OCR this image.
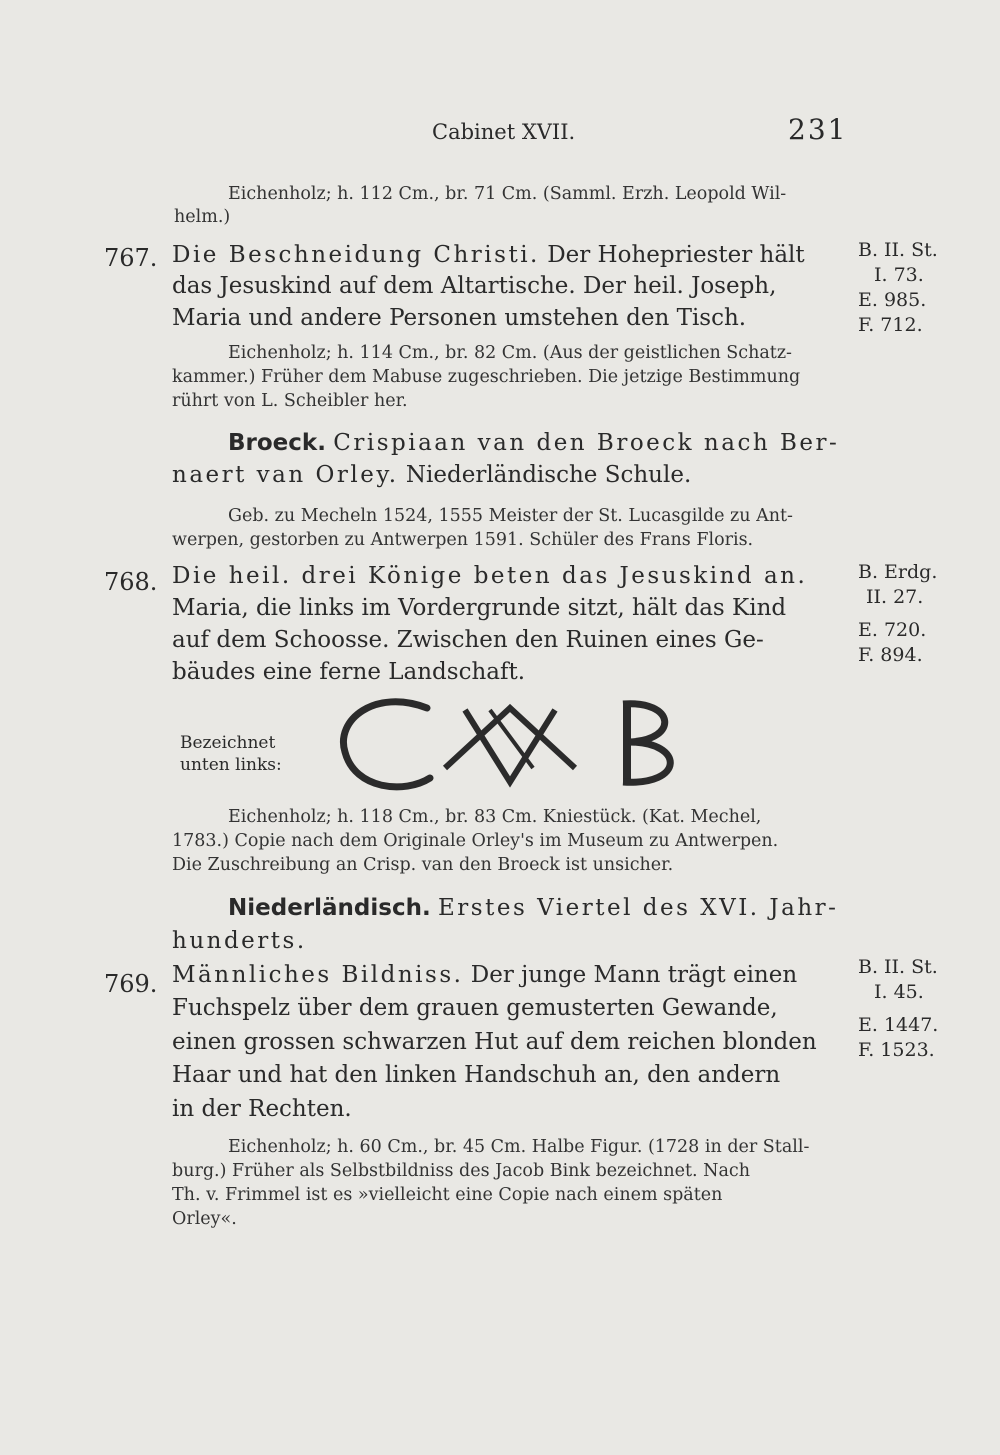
Cabinet XVII.	231
Eichenholz; h. 112 Cm., br. 71 Cm. (Samml. Erzh. Leopold Wil-
helm.)
767. Die Beschneidung Christi. Der Hohepriester hält
das Jesuskind auf dem Altartische. Der heil. Joseph,
Maria und andere Personen umstehen den Tisch.
Eichenholz; h. 114 Cm., br. 82 Cm. (Aus der geistlichen Schatz-
kammer.) Früher dem Mabuse zugeschrieben. Die jetzige Bestimmung
rührt von L. Scheibler her.
B. II. St.
I. 73.
E. 985.
F. 712.
Broeck. Crispiaan van den Broeck nach Ber-
naert van Orley. Niederländische Schule.
Geb. zu Mecheln 1524, 1555 Meister der St. Lucasgilde zu Ant-
werpen, gestorben zu Antwerpen 1591. Schüler des Frans Floris.
768. Die heil. drei Könige beten das Jesuskind an.
Maria, die links im Vordergrunde sitzt, hält das Kind
auf dem Schoosse. Zwischen den Ruinen eines Ge-
bäudes eine ferne Landschaft.
B. Erdg.
II. 27.
E. 720.
F. 894.
Bezeichnet
unten links:
Eichenholz; h. 118 Cm., br. 83 Cm. Kniestück. (Kat. Mechel,
1783.) Copie nach dem Originale Orley's im Museum zu Antwerpen.
Die Zuschreibung an Crisp. van den Broeck ist unsicher.
Niederländisch. Erstes Viertel des XVI. Jahr-
hunderts.
769. Männliches Bildniss. Der junge Mann trägt einen
Fuchspelz über dem grauen gemusterten Gewande,
einen grossen schwarzen Hut auf dem reichen blonden
Haar und hat den linken Handschuh an, den andern
in der Rechten.
B. II. St.
I. 45.
E. 1447.
F. 1523.
Eichenholz; h. 60 Cm., br. 45 Cm. Halbe Figur. (1728 in der Stall-
burg.) Früher als Selbstbildniss des Jacob Bink bezeichnet. Nach
Th. v. Frimmel ist es »vielleicht eine Copie nach einem späten
Orley«.
